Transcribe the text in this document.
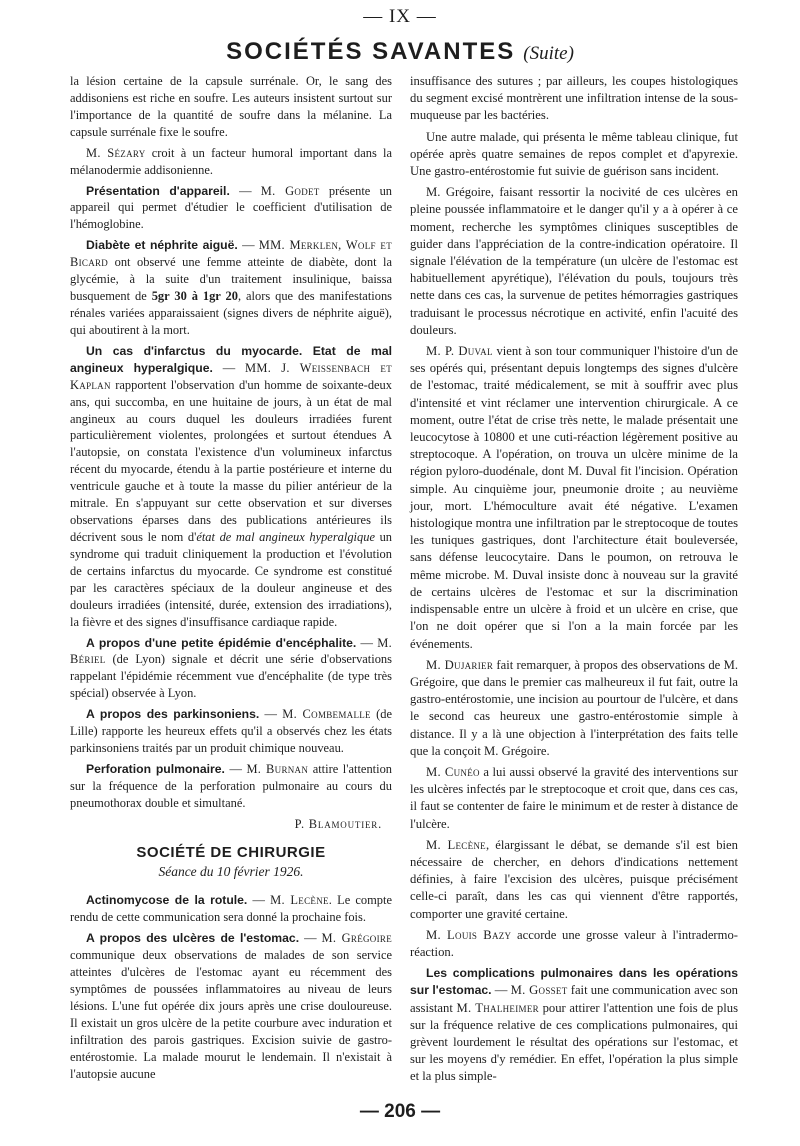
— IX —
SOCIÉTÉS SAVANTES (Suite)

la lésion certaine de la capsule surrénale. Or, le sang des addisoniens est riche en soufre. Les auteurs insistent surtout sur l'importance de la quantité de soufre dans la mélanine. La capsule surrénale fixe le soufre.

M. Sézary croit à un facteur humoral important dans la mélanodermie addisonienne.

Présentation d'appareil. — M. Godet présente un appareil qui permet d'étudier le coefficient d'utilisation de l'hémoglobine.

Diabète et néphrite aiguë. — MM. Merklen, Wolf et Bicard ont observé une femme atteinte de diabète, dont la glycémie, à la suite d'un traitement insulinique, baissa busquement de 5gr 30 à 1gr 20, alors que des manifestations rénales variées apparaissaient (signes divers de néphrite aiguë), qui aboutirent à la mort.

Un cas d'infarctus du myocarde. Etat de mal angineux hyperalgique. — MM. J. Weissenbach et Kaplan rapportent l'observation d'un homme de soixante-deux ans, qui succomba, en une huitaine de jours, à un état de mal angineux au cours duquel les douleurs irradiées furent particulièrement violentes, prolongées et surtout étendues A l'autopsie, on constata l'existence d'un volumineux infarctus récent du myocarde, étendu à la partie postérieure et interne du ventricule gauche et à toute la masse du pilier antérieur de la mitrale. En s'appuyant sur cette observation et sur diverses observations éparses dans des publications antérieures ils décrivent sous le nom d'état de mal angineux hyperalgique un syndrome qui traduit cliniquement la production et l'évolution de certains infarctus du myocarde. Ce syndrome est constitué par les caractères spéciaux de la douleur angineuse et des douleurs irradiées (intensité, durée, extension des irradiations), la fièvre et des signes d'insuffisance cardiaque rapide.

A propos d'une petite épidémie d'encéphalite. — M. Bériel (de Lyon) signale et décrit une série d'observations rappelant l'épidémie récemment vue d'encéphalite (de type très spécial) observée à Lyon.

A propos des parkinsoniens. — M. Combemalle (de Lille) rapporte les heureux effets qu'il a observés chez les états parkinsoniens traités par un produit chimique nouveau.

Perforation pulmonaire. — M. Burnan attire l'attention sur la fréquence de la perforation pulmonaire au cours du pneumothorax double et simultané.

P. Blamoutier.
SOCIÉTÉ DE CHIRURGIE
Séance du 10 février 1926.

Actinomycose de la rotule. — M. Lecène. Le compte rendu de cette communication sera donné la prochaine fois.

A propos des ulcères de l'estomac. — M. Grégoire communique deux observations de malades de son service atteintes d'ulcères de l'estomac ayant eu récemment des symptômes de poussées inflammatoires au niveau de leurs lésions. L'une fut opérée dix jours après une crise douloureuse. Il existait un gros ulcère de la petite courbure avec induration et infiltration des parois gastriques. Excision suivie de gastro-entérostomie. La malade mourut le lendemain. Il n'existait à l'autopsie aucune

insuffisance des sutures ; par ailleurs, les coupes histologiques du segment excisé montrèrent une infiltration intense de la sous-muqueuse par les bactéries.

Une autre malade, qui présenta le même tableau clinique, fut opérée après quatre semaines de repos complet et d'apyrexie. Une gastro-entérostomie fut suivie de guérison sans incident.

M. Grégoire, faisant ressortir la nocivité de ces ulcères en pleine poussée inflammatoire et le danger qu'il y a à opérer à ce moment, recherche les symptômes cliniques susceptibles de guider dans l'appréciation de la contre-indication opératoire. Il signale l'élévation de la température (un ulcère de l'estomac est habituellement apyrétique), l'élévation du pouls, toujours très nette dans ces cas, la survenue de petites hémorragies gastriques traduisant le processus nécrotique en activité, enfin l'acuité des douleurs.

M. P. Duval vient à son tour communiquer l'histoire d'un de ses opérés qui, présentant depuis longtemps des signes d'ulcère de l'estomac, traité médicalement, se mit à souffrir avec plus d'intensité et vint réclamer une intervention chirurgicale. A ce moment, outre l'état de crise très nette, le malade présentait une leucocytose à 10800 et une cuti-réaction légèrement positive au streptocoque. A l'opération, on trouva un ulcère minime de la région pyloro-duodénale, dont M. Duval fit l'incision. Opération simple. Au cinquième jour, pneumonie droite ; au neuvième jour, mort. L'hémoculture avait été négative. L'examen histologique montra une infiltration par le streptocoque de toutes les tuniques gastriques, dont l'architecture était bouleversée, sans défense leucocytaire. Dans le poumon, on retrouva le même microbe. M. Duval insiste donc à nouveau sur la gravité de certains ulcères de l'estomac et sur la discrimination indispensable entre un ulcère à froid et un ulcère en crise, que l'on ne doit opérer que si l'on a la main forcée par les événements.

M. Dujarier fait remarquer, à propos des observations de M. Grégoire, que dans le premier cas malheureux il fut fait, outre la gastro-entérostomie, une incision au pourtour de l'ulcère, et dans le second cas heureux une gastro-entérostomie simple à distance. Il y a là une objection à l'interprétation des faits telle que la conçoit M. Grégoire.

M. Cunéo a lui aussi observé la gravité des interventions sur les ulcères infectés par le streptocoque et croit que, dans ces cas, il faut se contenter de faire le minimum et de rester à distance de l'ulcère.

M. Lecène, élargissant le débat, se demande s'il est bien nécessaire de chercher, en dehors d'indications nettement définies, à faire l'excision des ulcères, puisque précisément celle-ci paraît, dans les cas qui viennent d'être rapportés, comporter une gravité certaine.

M. Louis Bazy accorde une grosse valeur à l'intradermo-réaction.

Les complications pulmonaires dans les opérations sur l'estomac. — M. Gosset fait une communication avec son assistant M. Thalheimer pour attirer l'attention une fois de plus sur la fréquence relative de ces complications pulmonaires, qui grèvent lourdement le résultat des opérations sur l'estomac, et sur les moyens d'y remédier. En effet, l'opération la plus simple et la plus simple-

— 206 —
